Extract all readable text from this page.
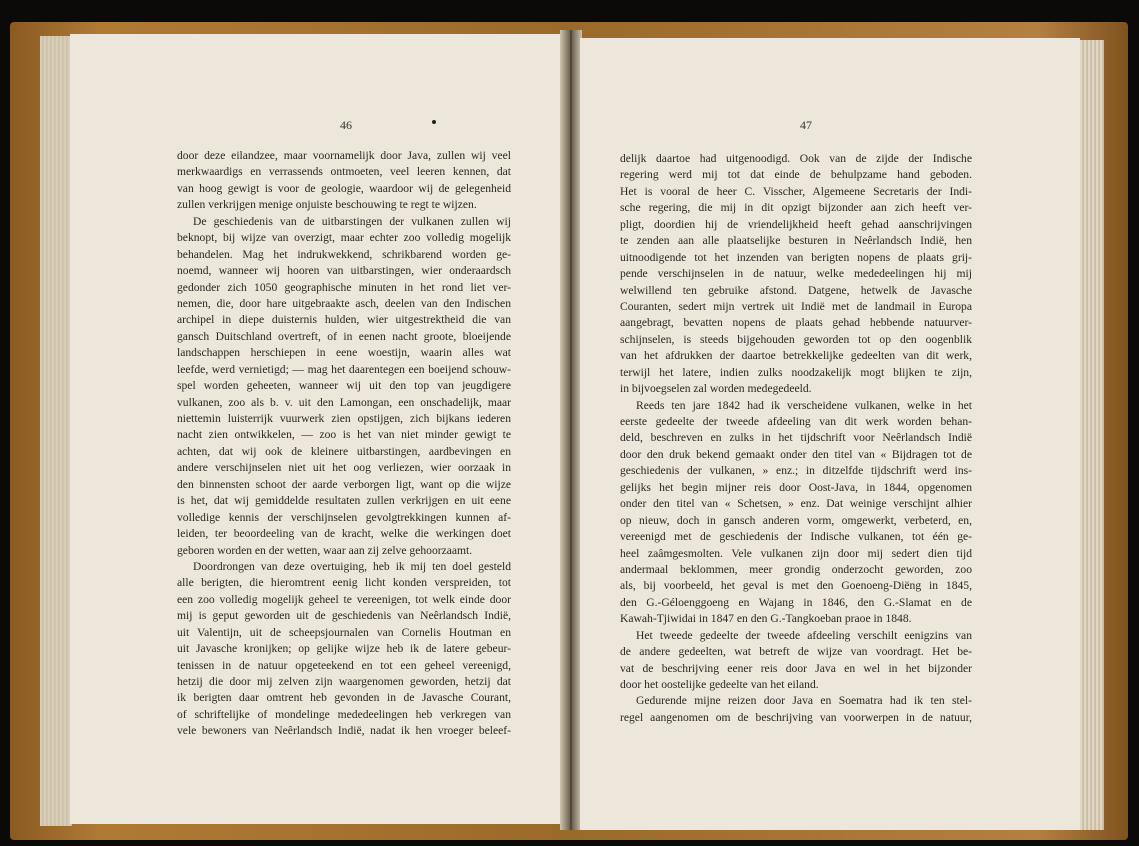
46
door deze eilandzee, maar voornamelijk door Java, zullen wij veel
merkwaardigs en verrassends ontmoeten, veel leeren kennen, dat
van hoog gewigt is voor de geologie, waardoor wij de gelegenheid
zullen verkrijgen menige onjuiste beschouwing te regt te wijzen.
De geschiedenis van de uitbarstingen der vulkanen zullen wij
beknopt, bij wijze van overzigt, maar echter zoo volledig mogelijk
behandelen. Mag het indrukwekkend, schrikbarend worden ge-
noemd, wanneer wij hooren van uitbarstingen, wier onderaardsch
gedonder zich 1050 geographische minuten in het rond liet ver-
nemen, die, door hare uitgebraakte asch, deelen van den Indischen
archipel in diepe duisternis hulden, wier uitgestrektheid die van
gansch Duitschland overtreft, of in eenen nacht groote, bloeijende
landschappen herschiepen in eene woestijn, waarin alles wat
leefde, werd vernietigd; — mag het daarentegen een boeijend schouw-
spel worden geheeten, wanneer wij uit den top van jeugdigere
vulkanen, zoo als b. v. uit den Lamongan, een onschadelijk, maar
niettemin luisterrijk vuurwerk zien opstijgen, zich bijkans iederen
nacht zien ontwikkelen, — zoo is het van niet minder gewigt te
achten, dat wij ook de kleinere uitbarstingen, aardbevingen en
andere verschijnselen niet uit het oog verliezen, wier oorzaak in
den binnensten schoot der aarde verborgen ligt, want op die wijze
is het, dat wij gemiddelde resultaten zullen verkrijgen en uit eene
volledige kennis der verschijnselen gevolgtrekkingen kunnen af-
leiden, ter beoordeeling van de kracht, welke die werkingen doet
geboren worden en der wetten, waar aan zij zelve gehoorzaamt.
Doordrongen van deze overtuiging, heb ik mij ten doel gesteld
alle berigten, die hieromtrent eenig licht konden verspreiden, tot
een zoo volledig mogelijk geheel te vereenigen, tot welk einde door
mij is geput geworden uit de geschiedenis van Neêrlandsch Indië,
uit Valentijn, uit de scheepsjournalen van Cornelis Houtman en
uit Javasche kronijken; op gelijke wijze heb ik de latere gebeur-
tenissen in de natuur opgeteekend en tot een geheel vereenigd,
hetzij die door mij zelven zijn waargenomen geworden, hetzij dat
ik berigten daar omtrent heb gevonden in de Javasche Courant,
of schriftelijke of mondelinge mededeelingen heb verkregen van
vele bewoners van Neêrlandsch Indië, nadat ik hen vroeger beleef-
47
delijk daartoe had uitgenoodigd. Ook van de zijde der Indische
regering werd mij tot dat einde de behulpzame hand geboden.
Het is vooral de heer C. Visscher, Algemeene Secretaris der Indi-
sche regering, die mij in dit opzigt bijzonder aan zich heeft ver-
pligt, doordien hij de vriendelijkheid heeft gehad aanschrijvingen
te zenden aan alle plaatselijke besturen in Neêrlandsch Indië, hen
uitnoodigende tot het inzenden van berigten nopens de plaats grij-
pende verschijnselen in de natuur, welke mededeelingen hij mij
welwillend ten gebruike afstond. Datgene, hetwelk de Javasche
Couranten, sedert mijn vertrek uit Indië met de landmail in Europa
aangebragt, bevatten nopens de plaats gehad hebbende natuurver-
schijnselen, is steeds bijgehouden geworden tot op den oogenblik
van het afdrukken der daartoe betrekkelijke gedeelten van dit werk,
terwijl het latere, indien zulks noodzakelijk mogt blijken te zijn,
in bijvoegselen zal worden medegedeeld.
Reeds ten jare 1842 had ik verscheidene vulkanen, welke in het
eerste gedeelte der tweede afdeeling van dit werk worden behan-
deld, beschreven en zulks in het tijdschrift voor Neêrlandsch Indië
door den druk bekend gemaakt onder den titel van « Bijdragen tot de
geschiedenis der vulkanen, » enz.; in ditzelfde tijdschrift werd ins-
gelijks het begin mijner reis door Oost-Java, in 1844, opgenomen
onder den titel van « Schetsen, » enz. Dat weinige verschijnt alhier
op nieuw, doch in gansch anderen vorm, omgewerkt, verbeterd, en,
vereenigd met de geschiedenis der Indische vulkanen, tot één ge-
heel zaâmgesmolten. Vele vulkanen zijn door mij sedert dien tijd
andermaal beklommen, meer grondig onderzocht geworden, zoo
als, bij voorbeeld, het geval is met den Goenoeng-Diëng in 1845,
den G.-Géloenggoeng en Wajang in 1846, den G.-Slamat en de
Kawah-Tjiwidai in 1847 en den G.-Tangkoeban praoe in 1848.
Het tweede gedeelte der tweede afdeeling verschilt eenigzins van
de andere gedeelten, wat betreft de wijze van voordragt. Het be-
vat de beschrijving eener reis door Java en wel in het bijzonder
door het oostelijke gedeelte van het eiland.
Gedurende mijne reizen door Java en Soematra had ik ten stel-
regel aangenomen om de beschrijving van voorwerpen in de natuur,
